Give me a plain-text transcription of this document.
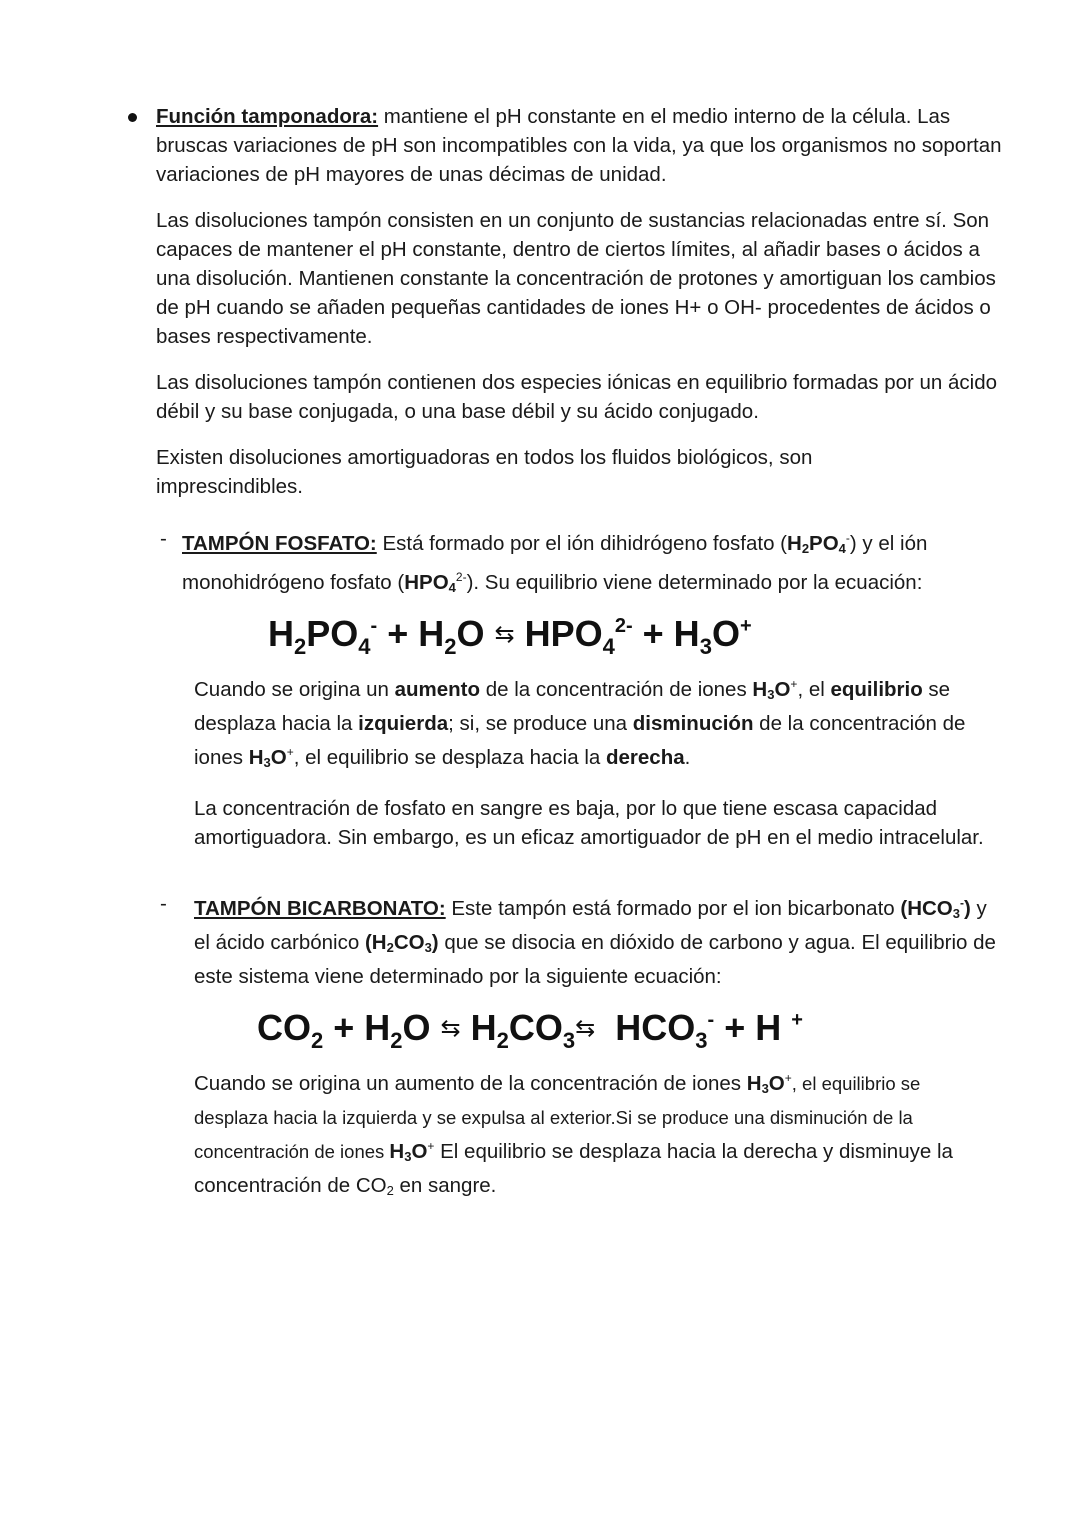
Función tamponadora: mantiene el pH constante en el medio interno de la célula. Las bruscas variaciones de pH son incompatibles con la vida, ya que los organismos no soportan variaciones de pH mayores de unas décimas de unidad.

Las disoluciones tampón consisten en un conjunto de sustancias relacionadas entre sí. Son capaces de mantener el pH constante, dentro de ciertos límites, al añadir bases o ácidos a una disolución. Mantienen constante la concentración de protones y amortiguan los cambios de pH cuando se añaden pequeñas cantidades de iones H+ o OH- procedentes de ácidos o bases respectivamente.

Las disoluciones tampón contienen dos especies iónicas en equilibrio formadas por un ácido débil y su base conjugada, o una base débil y su ácido conjugado.

Existen disoluciones amortiguadoras en todos los fluidos biológicos, son imprescindibles.

- TAMPÓN FOSFATO: Está formado por el ión dihidrógeno fosfato (H2PO4-) y el ión monohidrógeno fosfato $(HPO4^{2-})$. Su equilibrio viene determinado por la ecuación:

$H_2PO_4^- + H_2O$ ⇆ $HPO_4^{2-} + H_3O^+$

Cuando se origina un aumento de la concentración de iones H3O+, el equilibrio se desplaza hacia la izquierda; si, se produce una disminución de la concentración de iones H3O+, el equilibrio se desplaza hacia la derecha.

La concentración de fosfato en sangre es baja, por lo que tiene escasa capacidad amortiguadora. Sin embargo, es un eficaz amortiguador de pH en el medio intracelular.

- TAMPÓN BICARBONATO: Este tampón está formado por el ion bicarbonato (HCO3-) y el ácido carbónico (H2CO3) que se disocia en dióxido de carbono y agua. El equilibrio de este sistema viene determinado por la siguiente ecuación:

$CO_2 + H_2O$ ⇆ $H_2CO_3⇆$  $HCO_3^- + H$ +

Cuando se origina un aumento de la concentración de iones H3O+, el equilibrio se desplaza hacia la izquierda y se expulsa al exterior.Si se produce una disminución de la concentración de iones H3O+ El equilibrio se desplaza hacia la derecha y disminuye la concentración de CO2 en sangre.
